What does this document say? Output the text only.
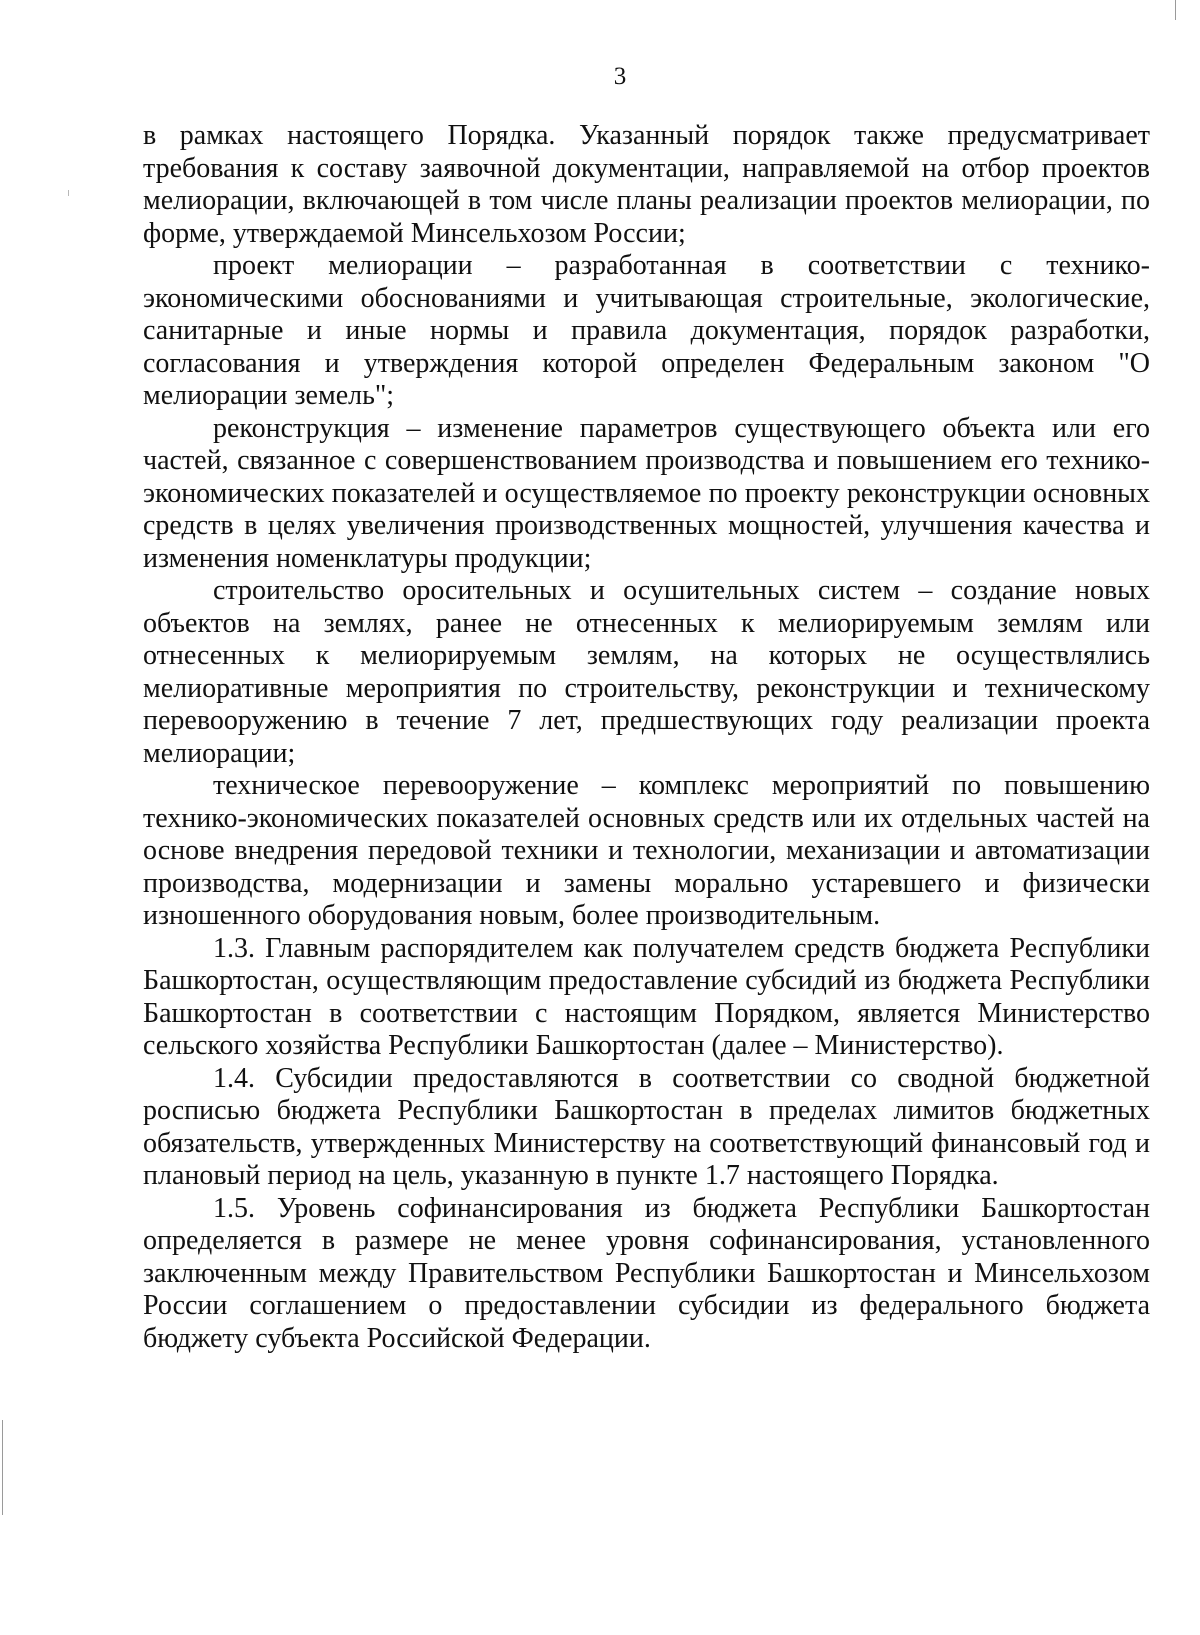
3

в рамках настоящего Порядка. Указанный порядок также предусматривает требования к составу заявочной документации, направляемой на отбор проектов мелиорации, включающей в том числе планы реализации проектов мелиорации, по форме, утверждаемой Минсельхозом России;

проект мелиорации – разработанная в соответствии с технико-экономическими обоснованиями и учитывающая строительные, экологические, санитарные и иные нормы и правила документация, порядок разработки, согласования и утверждения которой определен Федеральным законом "О мелиорации земель";

реконструкция – изменение параметров существующего объекта или его частей, связанное с совершенствованием производства и повышением его технико-экономических показателей и осуществляемое по проекту реконструкции основных средств в целях увеличения производственных мощностей, улучшения качества и изменения номенклатуры продукции;

строительство оросительных и осушительных систем – создание новых объектов на землях, ранее не отнесенных к мелиорируемым землям или отнесенных к мелиорируемым землям, на которых не осуществлялись мелиоративные мероприятия по строительству, реконструкции и техническому перевооружению в течение 7 лет, предшествующих году реализации проекта мелиорации;

техническое перевооружение – комплекс мероприятий по повышению технико-экономических показателей основных средств или их отдельных частей на основе внедрения передовой техники и технологии, механизации и автоматизации производства, модернизации и замены морально устаревшего и физически изношенного оборудования новым, более производительным.

1.3. Главным распорядителем как получателем средств бюджета Республики Башкортостан, осуществляющим предоставление субсидий из бюджета Республики Башкортостан в соответствии с настоящим Порядком, является Министерство сельского хозяйства Республики Башкортостан (далее – Министерство).

1.4. Субсидии предоставляются в соответствии со сводной бюджетной росписью бюджета Республики Башкортостан в пределах лимитов бюджетных обязательств, утвержденных Министерству на соответствующий финансовый год и плановый период на цель, указанную в пункте 1.7 настоящего Порядка.

1.5. Уровень софинансирования из бюджета Республики Башкортостан определяется в размере не менее уровня софинансирования, установленного заключенным между Правительством Республики Башкортостан и Минсельхозом России соглашением о предоставлении субсидии из федерального бюджета бюджету субъекта Российской Федерации.
